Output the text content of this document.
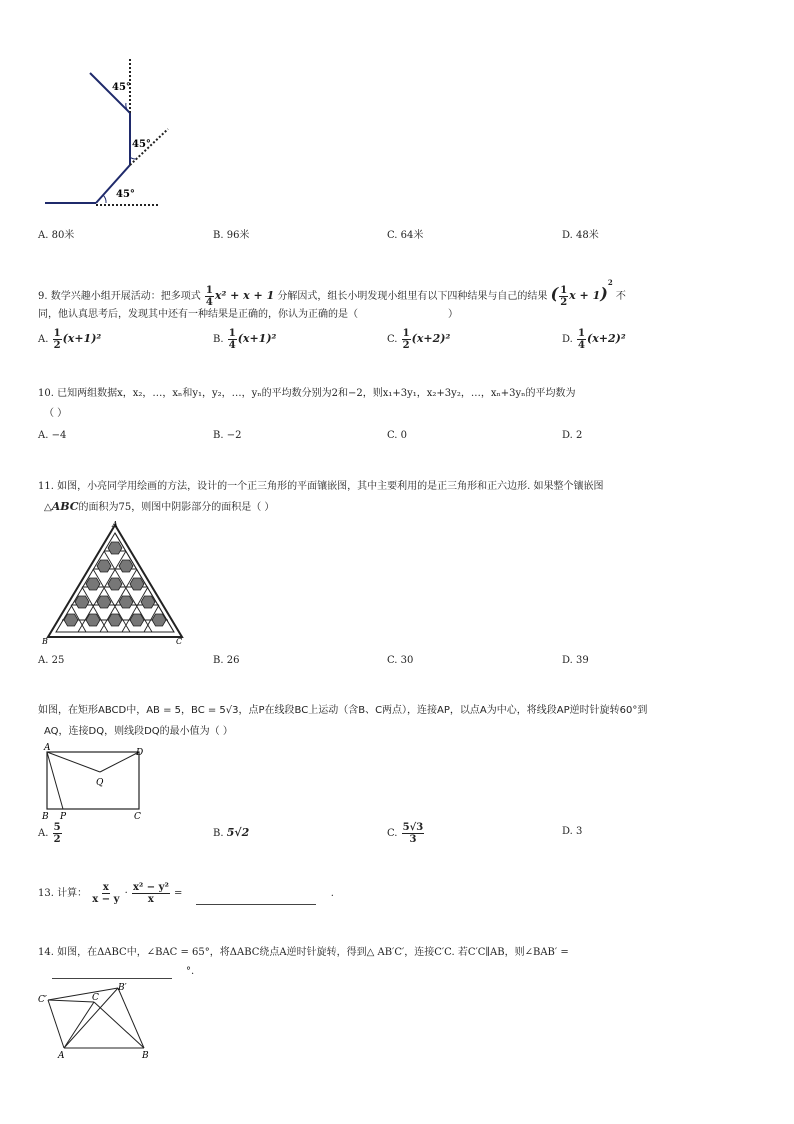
45°
45°
45°
A. 80米	B. 96米	C. 64米	D. 48米
9. 数学兴趣小组开展活动：把多项式 $\frac{1}{4} x^2 + x + 1$ 分解因式，组长小明发现小组里有以下四种结果与自己的结果 ( $\frac{1}{2}$ x + 1)$^2$ 不
同，他认真思考后，发现其中还有一种结果是正确的，你认为正确的是（	）
A. $\frac{1}{2} (x+1)^2$	B. $\frac{1}{4} (x+1)^2$	C. $\frac{1}{2} (x+2)^2$	D. $\frac{1}{4} (x+2)^2$
10. 已知两组数据x，x₂，…，xₙ和y₁，y₂，…，yₙ的平均数分别为2和−2，则x₁+3y₁，x₂+3y₂，…，xₙ+3yₙ的平均数为
（ ）
A. −4	B. −2	C. 0	D. 2
11. 如图，小亮同学用绘画的方法，设计的一个正三角形的平面镶嵌图，其中主要利用的是正三角形和正六边形. 如果整个镶嵌图
△ABC的面积为75，则图中阴影部分的面积是（ ）
A
B	C
A. 25	B. 26	C. 30	D. 39
如图，在矩形ABCD中，AB = 5，BC = 5√3，点P在线段BC上运动（含B、C两点），连接AP，以点A为中心，将线段AP逆时针旋转60°到
AQ，连接DQ，则线段DQ的最小值为（ ）
A	D
Q
B P	C
A. $\frac{5}{2}$	B. 5√2	C. $\frac{5√3}{3}$	D. 3
13. 计算： $\frac{x}{x - y} \cdot \frac{\text{x² − y²}}{x}$ =	.
14. 如图，在ΔABC中，∠BAC = 65°，将ΔABC绕点A逆时针旋转，得到△ AB′C′，连接C′C. 若C′C∥AB，则∠BAB′ =
°.
C′	C
B′
A	B
